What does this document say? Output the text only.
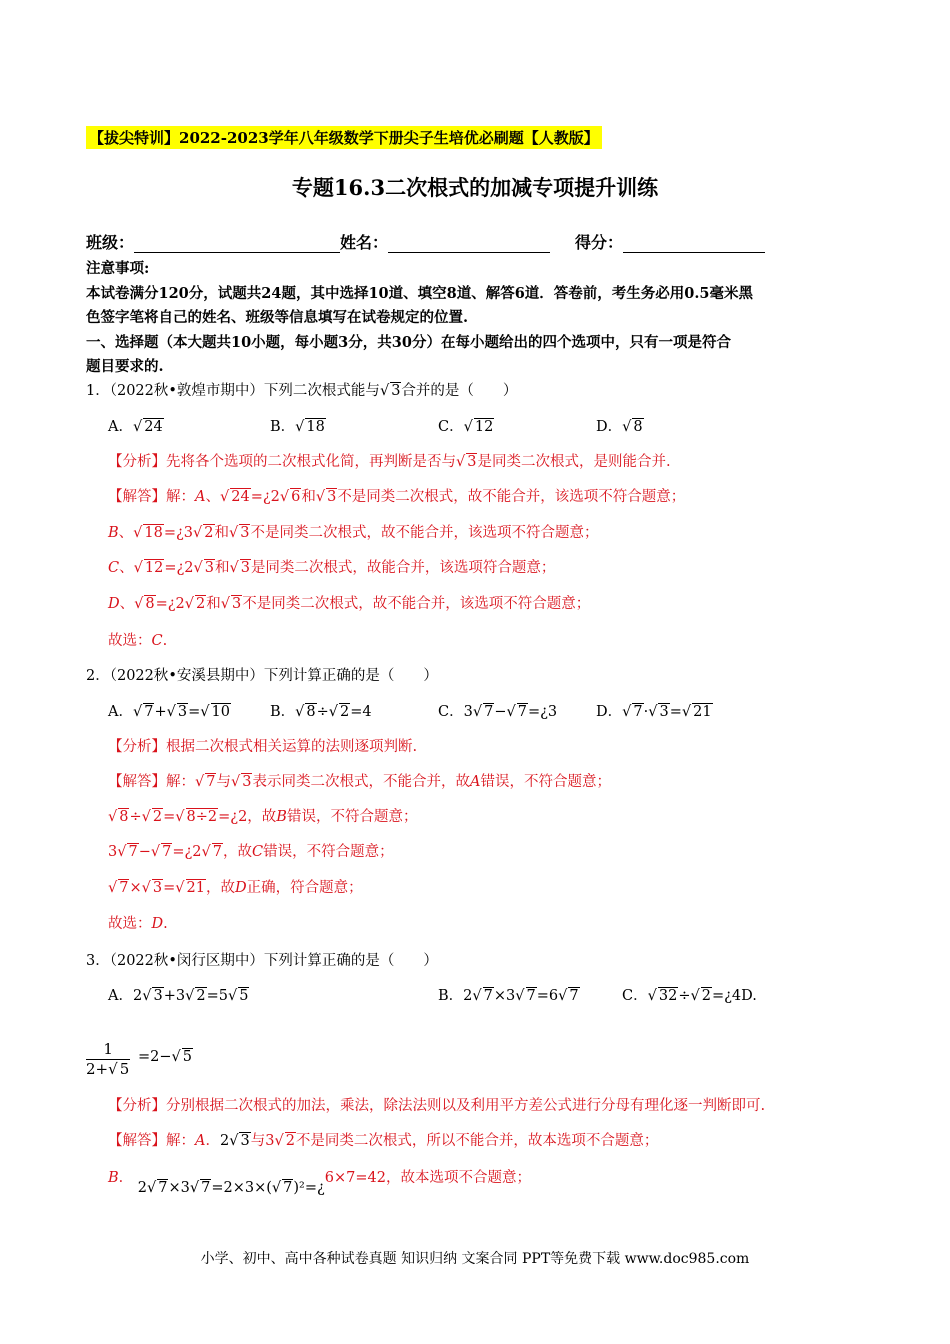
【拔尖特训】2022-2023学年八年级数学下册尖子生培优必刷题【人教版】
专题16.3二次根式的加减专项提升训练
班级：	姓名：	得分：
注意事项:
本试卷满分120分，试题共24题，其中选择10道、填空8道、解答6道．答卷前，考生务必用0.5毫米黑
色签字笔将自己的姓名、班级等信息填写在试卷规定的位置.
一、选择题（本大题共10小题，每小题3分，共30分）在每小题给出的四个选项中，只有一项是符合
题目要求的.
1．（2022秋•敦煌市期中）下列二次根式能与√ 3合并的是（　　）
A．√ 24	B．√ 18	C．√ 12	D．√ 8
【分析】先将各个选项的二次根式化简，再判断是否与√ 3是同类二次根式，是则能合并.
【解答】解：A、√ 24=¿2√ 6和√ 3不是同类二次根式，故不能合并，该选项不符合题意；
B、√ 18=¿3√ 2和√ 3不是同类二次根式，故不能合并，该选项不符合题意；
C、√ 12=¿2√ 3和√ 3是同类二次根式，故能合并，该选项符合题意；
D、√ 8=¿2√ 2和√ 3不是同类二次根式，故不能合并，该选项不符合题意；
故选：C.
2．（2022秋•安溪县期中）下列计算正确的是（　　）
A．√ 7+√ 3=√ 10	B．√ 8÷√ 2=4	C．3√ 7−√ 7=¿3	D．√ 7·√ 3=√ 21
【分析】根据二次根式相关运算的法则逐项判断.
【解答】解：√ 7与√ 3表示同类二次根式，不能合并，故A错误，不符合题意；
√ 8÷√ 2=√ 8÷2=¿2，故B错误，不符合题意；
3√ 7−√ 7=¿2√ 7，故C错误，不符合题意；
√ 7×√ 3=√ 21，故D正确，符合题意；
故选：D.
3．（2022秋•闵行区期中）下列计算正确的是（　　）
A．2√ 3+3√ 2=5√ 5	B．2√ 7×3√ 7=6√ 7	C．√ 32÷√ 2=¿4D.
$\frac{1}{2+√ 5} =2-√$ 5
【分析】分别根据二次根式的加法，乘法，除法法则以及利用平方差公式进行分母有理化逐一判断即可.
【解答】解：A．2√ 3与3√ 2不是同类二次根式，所以不能合并，故本选项不合题意；
B． 2√ 7×3√ 7=2×3×(√ 7)²=¿6×7=42，故本选项不合题意；
小学、初中、高中各种试卷真题 知识归纳 文案合同 PPT等免费下载 www.doc985.com
